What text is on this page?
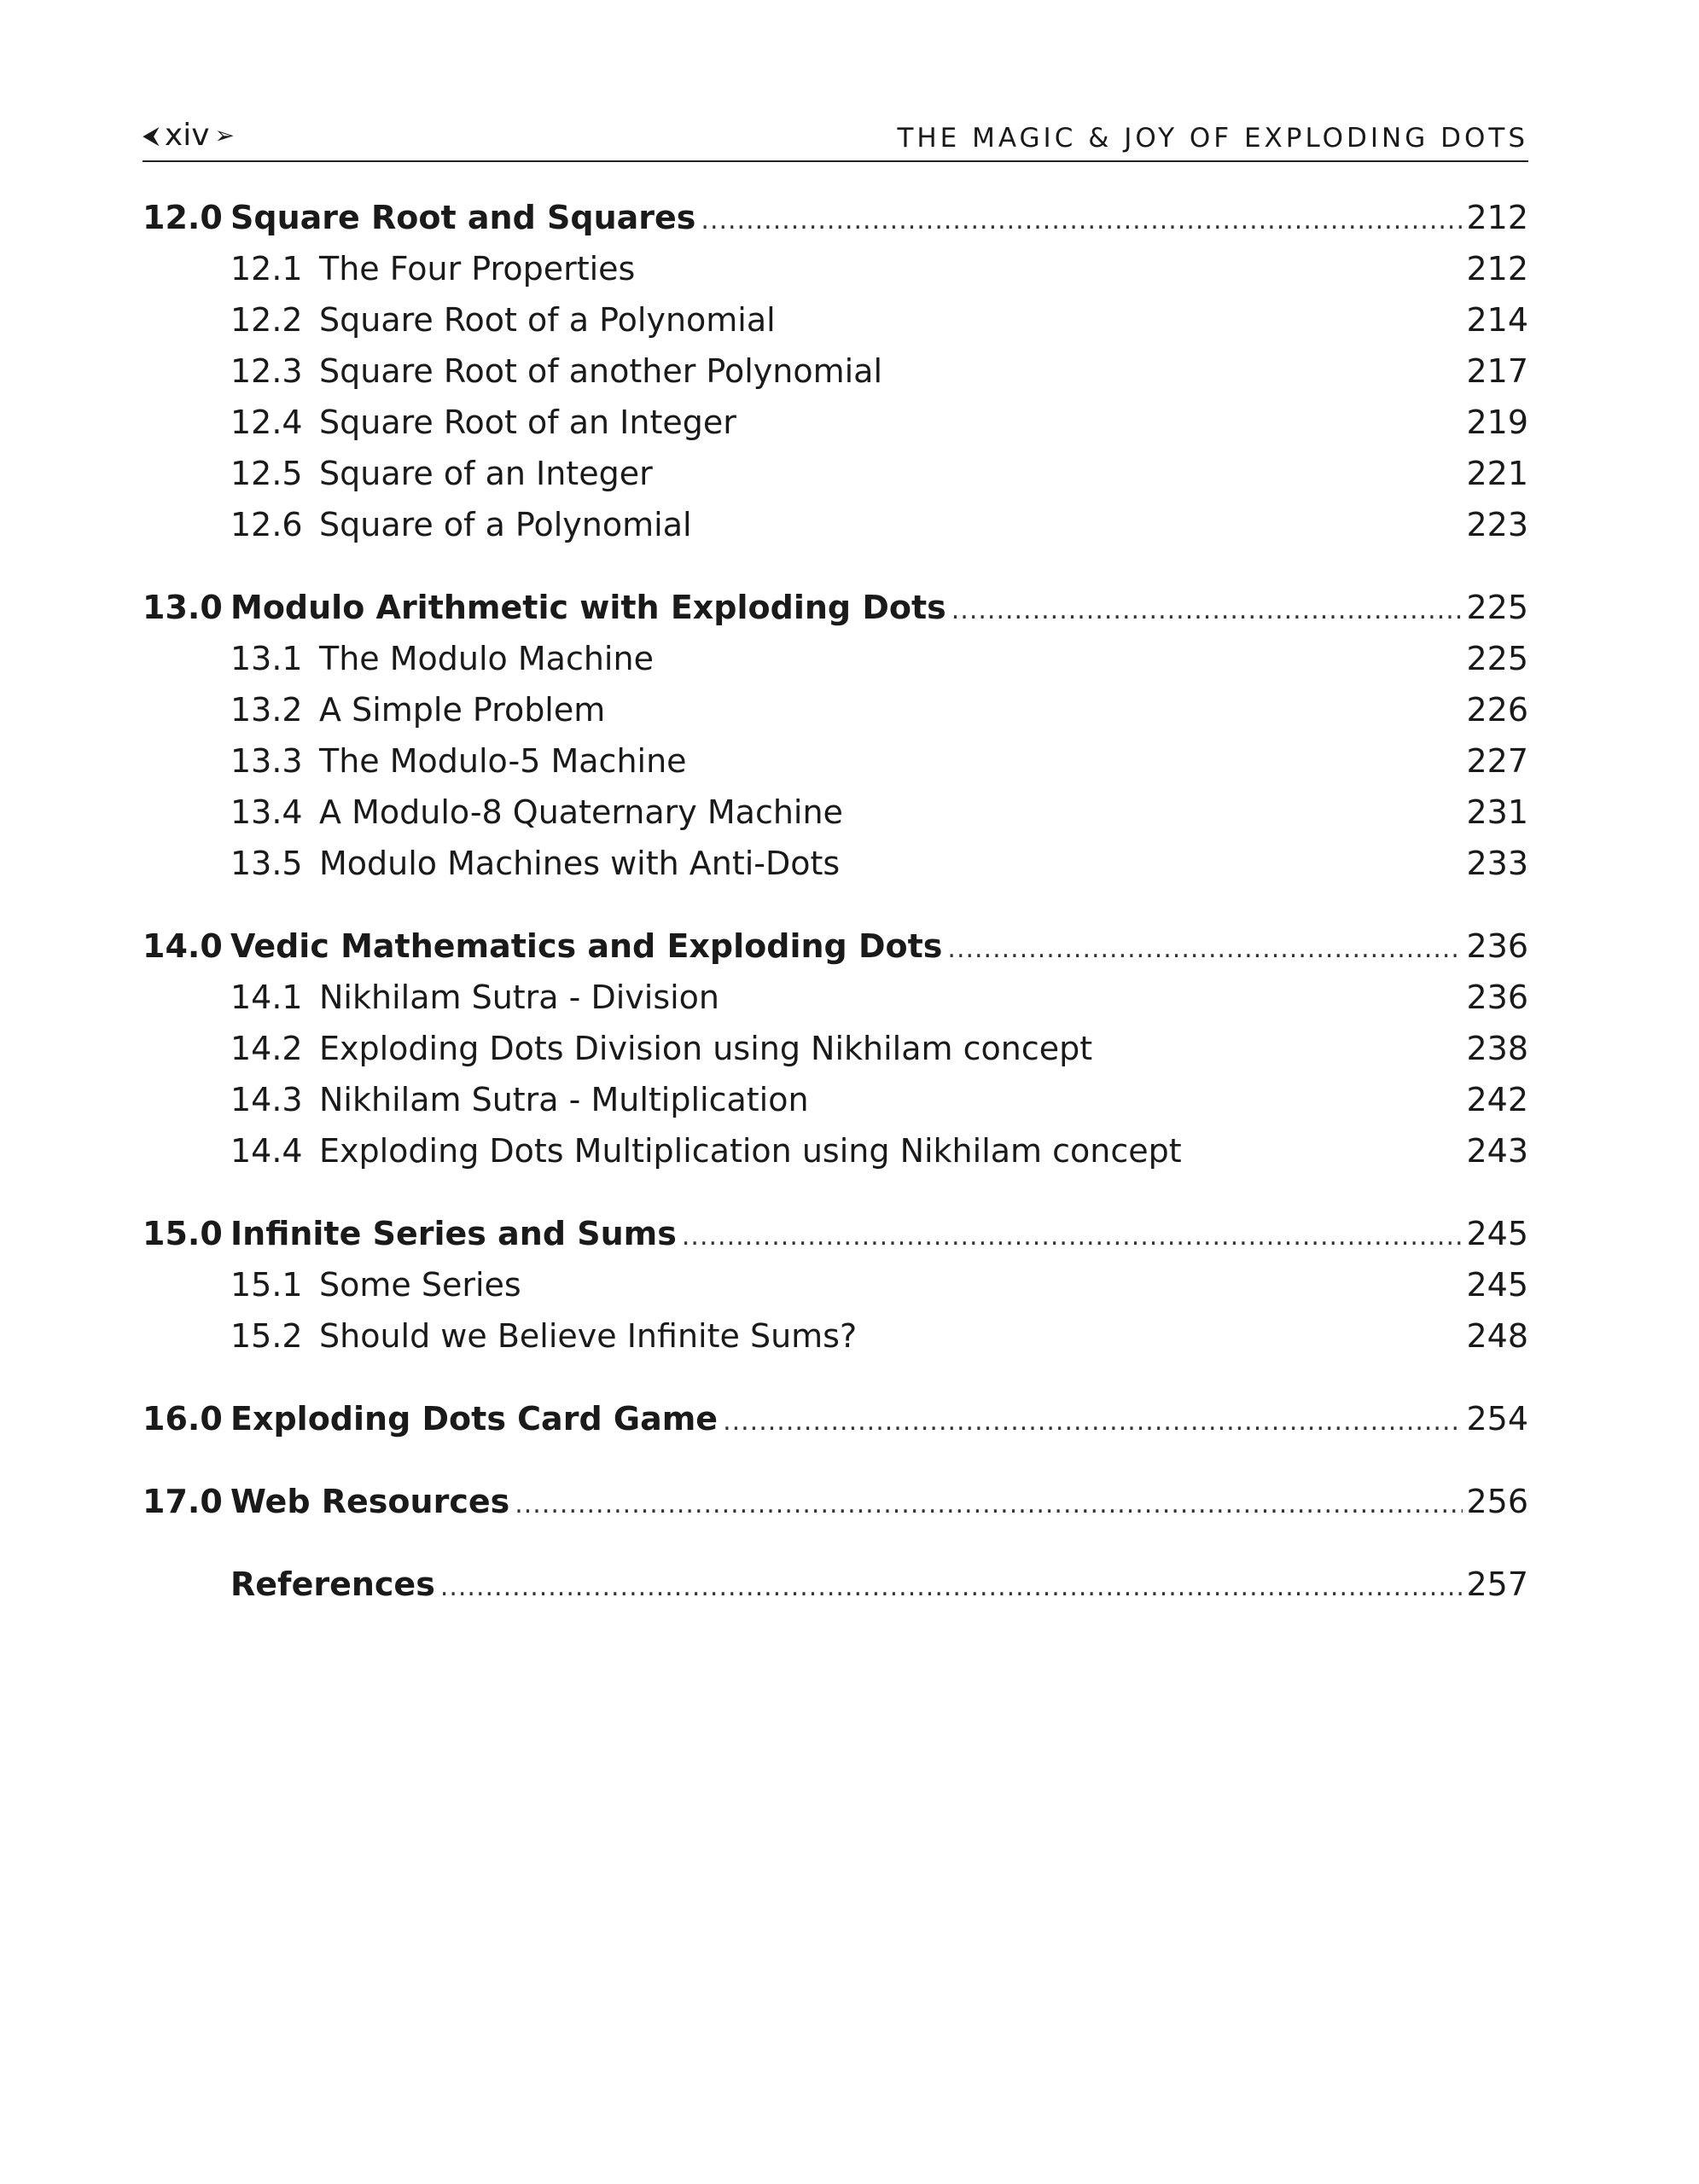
⮜ xiv ➢	THE MAGIC & JOY OF EXPLODING DOTS
12.0 Square Root and Squares .....	212
12.1 The Four Properties	212
12.2 Square Root of a Polynomial	214
12.3 Square Root of another Polynomial	217
12.4 Square Root of an Integer	219
12.5 Square of an Integer	221
12.6 Square of a Polynomial	223
13.0 Modulo Arithmetic with Exploding Dots .....	225
13.1 The Modulo Machine	225
13.2 A Simple Problem	226
13.3 The Modulo-5 Machine	227
13.4 A Modulo-8 Quaternary Machine	231
13.5 Modulo Machines with Anti-Dots	233
14.0 Vedic Mathematics and Exploding Dots .....	236
14.1 Nikhilam Sutra - Division	236
14.2 Exploding Dots Division using Nikhilam concept	238
14.3 Nikhilam Sutra - Multiplication	242
14.4 Exploding Dots Multiplication using Nikhilam concept	243
15.0 Infinite Series and Sums .....	245
15.1 Some Series	245
15.2 Should we Believe Infinite Sums?	248
16.0 Exploding Dots Card Game .....	254
17.0 Web Resources .....	256
References .....	257
